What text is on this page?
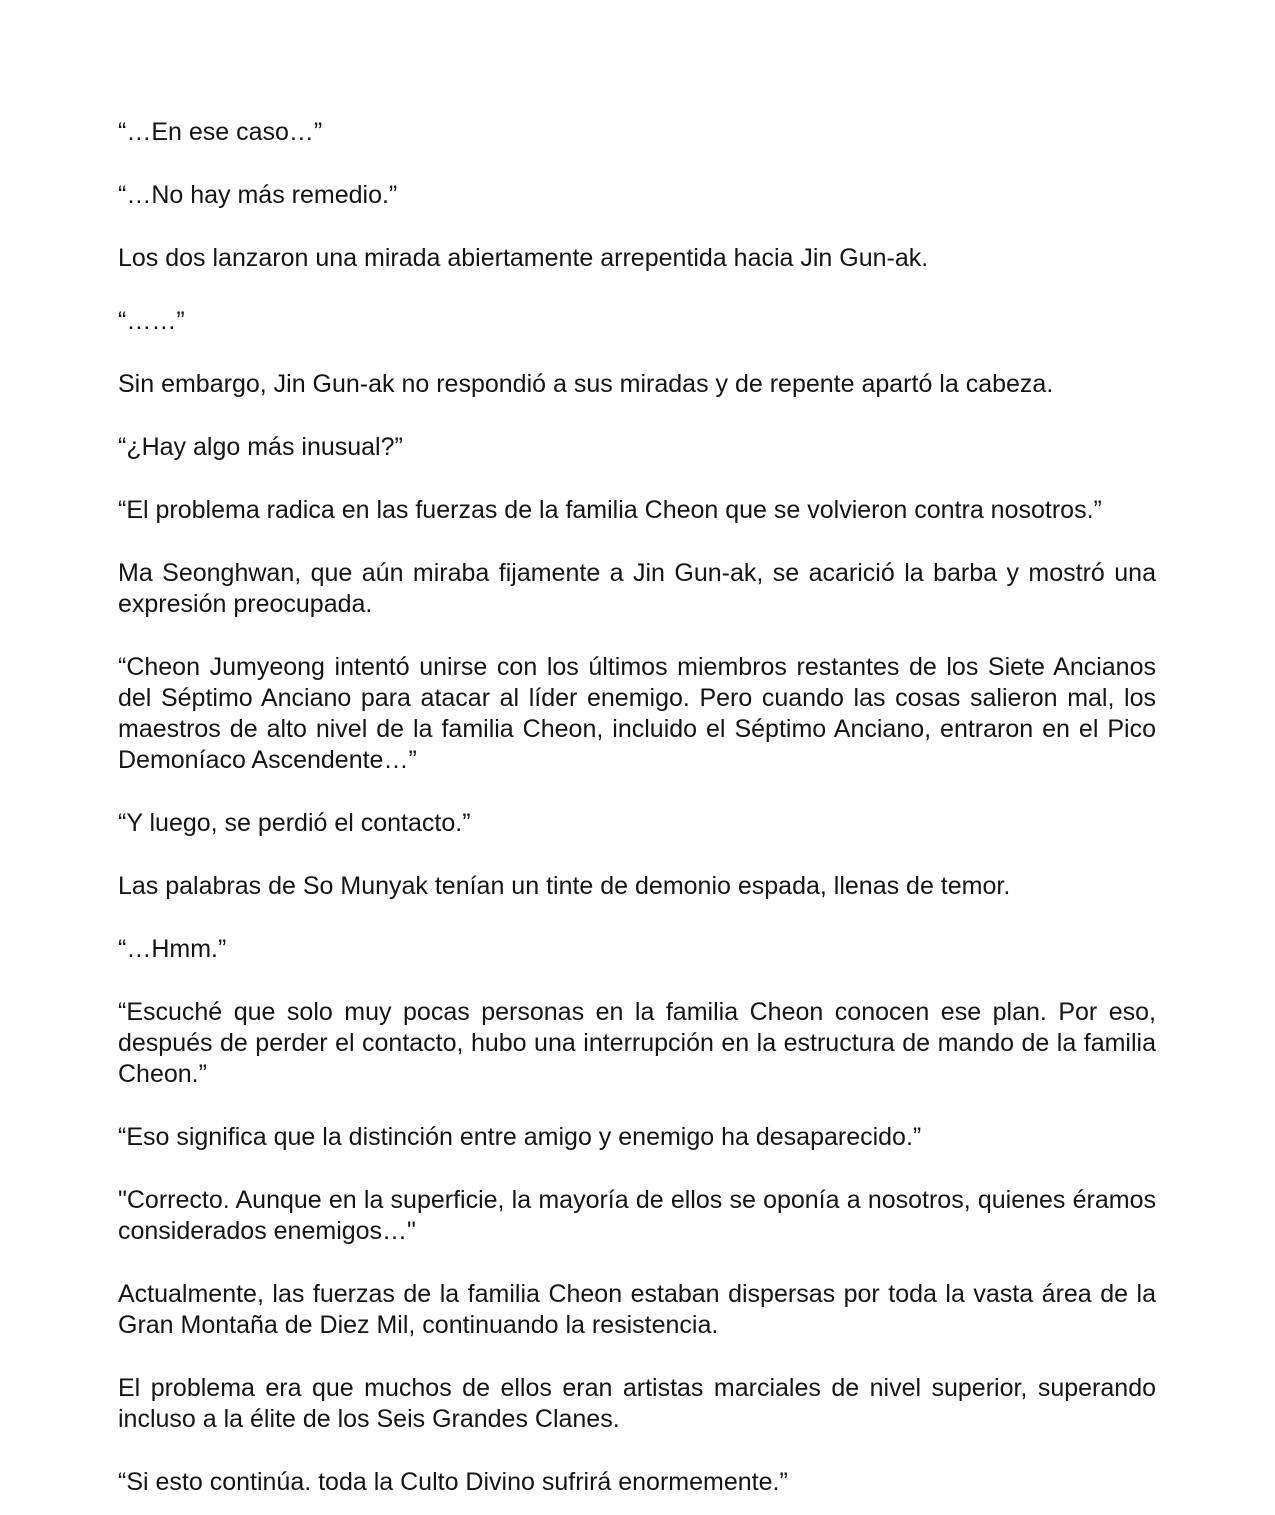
“…En ese caso…”

“…No hay más remedio.”

Los dos lanzaron una mirada abiertamente arrepentida hacia Jin Gun-ak.

“……”

Sin embargo, Jin Gun-ak no respondió a sus miradas y de repente apartó la cabeza.

“¿Hay algo más inusual?”

“El problema radica en las fuerzas de la familia Cheon que se volvieron contra nosotros.”

Ma Seonghwan, que aún miraba fijamente a Jin Gun-ak, se acarició la barba y mostró una expresión preocupada.

“Cheon Jumyeong intentó unirse con los últimos miembros restantes de los Siete Ancianos del Séptimo Anciano para atacar al líder enemigo. Pero cuando las cosas salieron mal, los maestros de alto nivel de la familia Cheon, incluido el Séptimo Anciano, entraron en el Pico Demoníaco Ascendente…”

“Y luego, se perdió el contacto.”

Las palabras de So Munyak tenían un tinte de demonio espada, llenas de temor.

“…Hmm.”

“Escuché que solo muy pocas personas en la familia Cheon conocen ese plan. Por eso, después de perder el contacto, hubo una interrupción en la estructura de mando de la familia Cheon.”

“Eso significa que la distinción entre amigo y enemigo ha desaparecido.”

"Correcto. Aunque en la superficie, la mayoría de ellos se oponía a nosotros, quienes éramos considerados enemigos…"

Actualmente, las fuerzas de la familia Cheon estaban dispersas por toda la vasta área de la Gran Montaña de Diez Mil, continuando la resistencia.

El problema era que muchos de ellos eran artistas marciales de nivel superior, superando incluso a la élite de los Seis Grandes Clanes.

“Si esto continúa. toda la Culto Divino sufrirá enormemente.”
